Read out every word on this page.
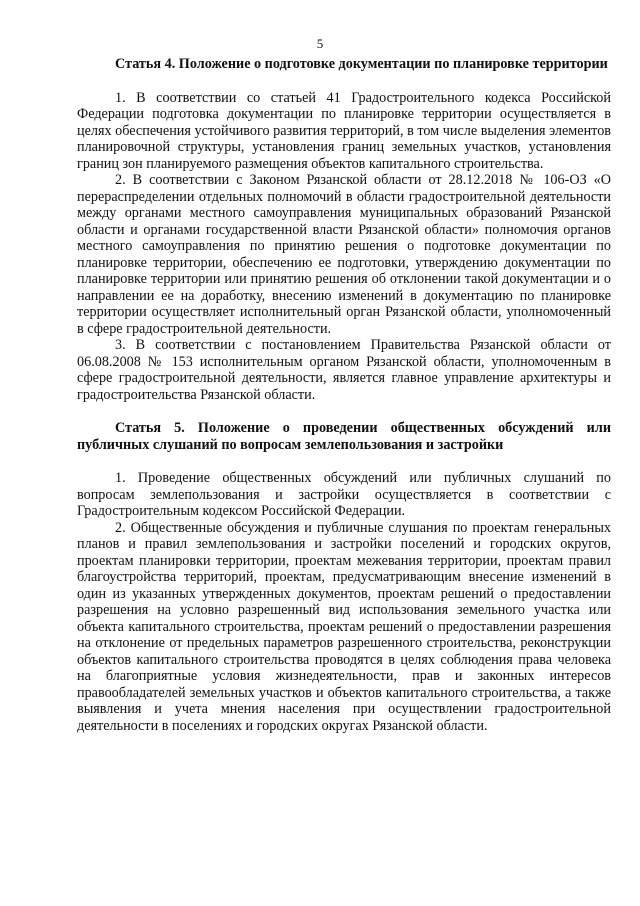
5

Статья 4. Положение о подготовке документации по планировке территории

1. В соответствии со статьей 41 Градостроительного кодекса Российской Федерации подготовка документации по планировке территории осуществляется в целях обеспечения устойчивого развития территорий, в том числе выделения элементов планировочной структуры, установления границ земельных участков, установления границ зон планируемого размещения объектов капитального строительства.

2. В соответствии с Законом Рязанской области от 28.12.2018 № 106-ОЗ «О перераспределении отдельных полномочий в области градостроительной деятельности между органами местного самоуправления муниципальных образований Рязанской области и органами государственной власти Рязанской области» полномочия органов местного самоуправления по принятию решения о подготовке документации по планировке территории, обеспечению ее подготовки, утверждению документации по планировке территории или принятию решения об отклонении такой документации и о направлении ее на доработку, внесению изменений в документацию по планировке территории осуществляет исполнительный орган Рязанской области, уполномоченный в сфере градостроительной деятельности.

3. В соответствии с постановлением Правительства Рязанской области от 06.08.2008 № 153 исполнительным органом Рязанской области, уполномоченным в сфере градостроительной деятельности, является главное управление архитектуры и градостроительства Рязанской области.

Статья 5. Положение о проведении общественных обсуждений или публичных слушаний по вопросам землепользования и застройки

1. Проведение общественных обсуждений или публичных слушаний по вопросам землепользования и застройки осуществляется в соответствии с Градостроительным кодексом Российской Федерации.

2. Общественные обсуждения и публичные слушания по проектам генеральных планов и правил землепользования и застройки поселений и городских округов, проектам планировки территории, проектам межевания территории, проектам правил благоустройства территорий, проектам, предусматривающим внесение изменений в один из указанных утвержденных документов, проектам решений о предоставлении разрешения на условно разрешенный вид использования земельного участка или объекта капитального строительства, проектам решений о предоставлении разрешения на отклонение от предельных параметров разрешенного строительства, реконструкции объектов капитального строительства проводятся в целях соблюдения права человека на благоприятные условия жизнедеятельности, прав и законных интересов правообладателей земельных участков и объектов капитального строительства, а также выявления и учета мнения населения при осуществлении градостроительной деятельности в поселениях и городских округах Рязанской области.
